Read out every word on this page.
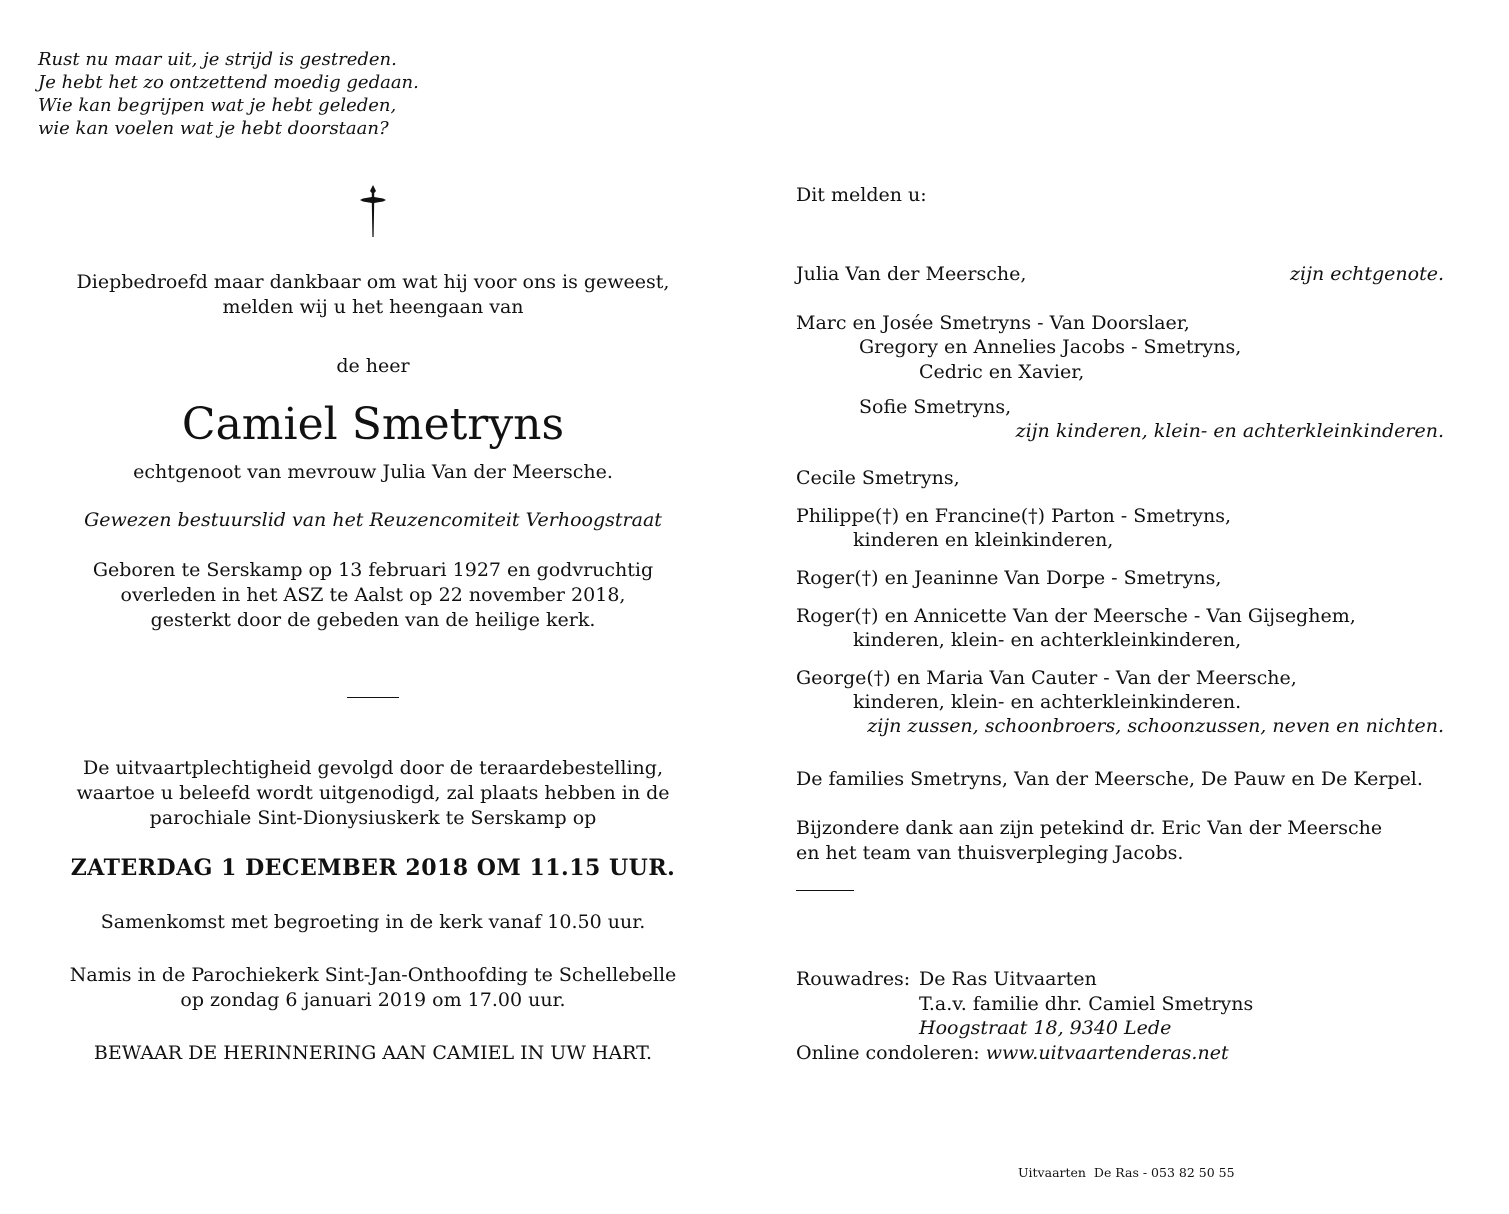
Rust nu maar uit, je strijd is gestreden.
Je hebt het zo ontzettend moedig gedaan.
Wie kan begrijpen wat je hebt geleden,
wie kan voelen wat je hebt doorstaan?
Diepbedroefd maar dankbaar om wat hij voor ons is geweest,
melden wij u het heengaan van
de heer
Camiel Smetryns
echtgenoot van mevrouw Julia Van der Meersche.
Gewezen bestuurslid van het Reuzencomiteit Verhoogstraat
Geboren te Serskamp op 13 februari 1927 en godvruchtig
overleden in het ASZ te Aalst op 22 november 2018,
gesterkt door de gebeden van de heilige kerk.
De uitvaartplechtigheid gevolgd door de teraardebestelling,
waartoe u beleefd wordt uitgenodigd, zal plaats hebben in de
parochiale Sint-Dionysiuskerk te Serskamp op
ZATERDAG 1 DECEMBER 2018 OM 11.15 UUR.
Samenkomst met begroeting in de kerk vanaf 10.50 uur.
Namis in de Parochiekerk Sint-Jan-Onthoofding te Schellebelle
op zondag 6 januari 2019 om 17.00 uur.
BEWAAR DE HERINNERING AAN CAMIEL IN UW HART.
Dit melden u:
Julia Van der Meersche,	zijn echtgenote.
Marc en Josée Smetryns - Van Doorslaer,
Gregory en Annelies Jacobs - Smetryns,
Cedric en Xavier,
Sofie Smetryns,
zijn kinderen, klein- en achterkleinkinderen.
Cecile Smetryns,
Philippe(†) en Francine(†) Parton - Smetryns,
kinderen en kleinkinderen,
Roger(†) en Jeaninne Van Dorpe - Smetryns,
Roger(†) en Annicette Van der Meersche - Van Gijseghem,
kinderen, klein- en achterkleinkinderen,
George(†) en Maria Van Cauter - Van der Meersche,
kinderen, klein- en achterkleinkinderen.
zijn zussen, schoonbroers, schoonzussen, neven en nichten.
De families Smetryns, Van der Meersche, De Pauw en De Kerpel.
Bijzondere dank aan zijn petekind dr. Eric Van der Meersche
en het team van thuisverpleging Jacobs.
Rouwadres: De Ras Uitvaarten
T.a.v. familie dhr. Camiel Smetryns
Hoogstraat 18, 9340 Lede
Online condoleren: www.uitvaartenderas.net
Uitvaarten  De Ras - 053 82 50 55
